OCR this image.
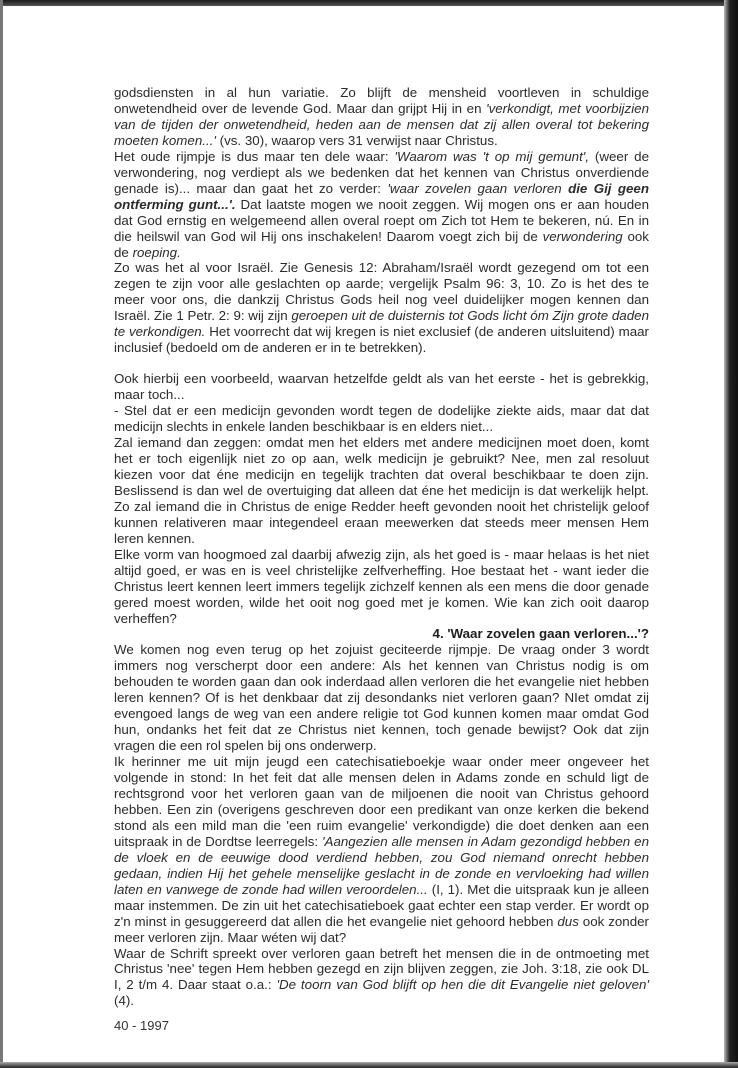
godsdiensten in al hun variatie. Zo blijft de mensheid voortleven in schuldige onwetendheid over de levende God. Maar dan grijpt Hij in en 'verkondigt, met voorbijzien van de tijden der onwetendheid, heden aan de mensen dat zij allen overal tot bekering moeten komen...' (vs. 30), waarop vers 31 verwijst naar Christus.

Het oude rijmpje is dus maar ten dele waar: 'Waarom was 't op mij gemunt', (weer de verwondering, nog verdiept als we bedenken dat het kennen van Christus onverdiende genade is)... maar dan gaat het zo verder: 'waar zovelen gaan verloren die Gij geen ontferming gunt...'. Dat laatste mogen we nooit zeggen. Wij mogen ons er aan houden dat God ernstig en welgemeend allen overal roept om Zich tot Hem te bekeren, nú. En in die heilswil van God wil Hij ons inschakelen! Daarom voegt zich bij de verwondering ook de roeping.

Zo was het al voor Israël. Zie Genesis 12: Abraham/Israël wordt gezegend om tot een zegen te zijn voor alle geslachten op aarde; vergelijk Psalm 96: 3, 10. Zo is het des te meer voor ons, die dankzij Christus Gods heil nog veel duidelijker mogen kennen dan Israël. Zie 1 Petr. 2: 9: wij zijn geroepen uit de duisternis tot Gods licht óm Zijn grote daden te verkondigen. Het voorrecht dat wij kregen is niet exclusief (de anderen uitsluitend) maar inclusief (bedoeld om de anderen er in te betrekken).

Ook hierbij een voorbeeld, waarvan hetzelfde geldt als van het eerste - het is gebrekkig, maar toch...

- Stel dat er een medicijn gevonden wordt tegen de dodelijke ziekte aids, maar dat dat medicijn slechts in enkele landen beschikbaar is en elders niet...

Zal iemand dan zeggen: omdat men het elders met andere medicijnen moet doen, komt het er toch eigenlijk niet zo op aan, welk medicijn je gebruikt? Nee, men zal resoluut kiezen voor dat éne medicijn en tegelijk trachten dat overal beschikbaar te doen zijn. Beslissend is dan wel de overtuiging dat alleen dat éne het medicijn is dat werkelijk helpt. Zo zal iemand die in Christus de enige Redder heeft gevonden nooit het christelijk geloof kunnen relativeren maar integendeel eraan meewerken dat steeds meer mensen Hem leren kennen.

Elke vorm van hoogmoed zal daarbij afwezig zijn, als het goed is - maar helaas is het niet altijd goed, er was en is veel christelijke zelfverheffing. Hoe bestaat het - want ieder die Christus leert kennen leert immers tegelijk zichzelf kennen als een mens die door genade gered moest worden, wilde het ooit nog goed met je komen. Wie kan zich ooit daarop verheffen?

4. 'Waar zovelen gaan verloren...'?

We komen nog even terug op het zojuist geciteerde rijmpje. De vraag onder 3 wordt immers nog verscherpt door een andere: Als het kennen van Christus nodig is om behouden te worden gaan dan ook inderdaad allen verloren die het evangelie niet hebben leren kennen? Of is het denkbaar dat zij desondanks niet verloren gaan? NIet omdat zij evengoed langs de weg van een andere religie tot God kunnen komen maar omdat God hun, ondanks het feit dat ze Christus niet kennen, toch genade bewijst? Ook dat zijn vragen die een rol spelen bij ons onderwerp.

Ik herinner me uit mijn jeugd een catechisatieboekje waar onder meer ongeveer het volgende in stond: In het feit dat alle mensen delen in Adams zonde en schuld ligt de rechtsgrond voor het verloren gaan van de miljoenen die nooit van Christus gehoord hebben. Een zin (overigens geschreven door een predikant van onze kerken die bekend stond als een mild man die 'een ruim evangelie' verkondigde) die doet denken aan een uitspraak in de Dordtse leerregels: 'Aangezien alle mensen in Adam gezondigd hebben en de vloek en de eeuwige dood verdiend hebben, zou God niemand onrecht hebben gedaan, indien Hij het gehele menselijke geslacht in de zonde en vervloeking had willen laten en vanwege de zonde had willen veroordelen... (I, 1). Met die uitspraak kun je alleen maar instemmen. De zin uit het catechisatieboek gaat echter een stap verder. Er wordt op z'n minst in gesuggereerd dat allen die het evangelie niet gehoord hebben dus ook zonder meer verloren zijn. Maar wéten wij dat?

Waar de Schrift spreekt over verloren gaan betreft het mensen die in de ontmoeting met Christus 'nee' tegen Hem hebben gezegd en zijn blijven zeggen, zie Joh. 3:18, zie ook DL I, 2 t/m 4. Daar staat o.a.: 'De toorn van God blijft op hen die dit Evangelie niet geloven' (4).

40 - 1997
